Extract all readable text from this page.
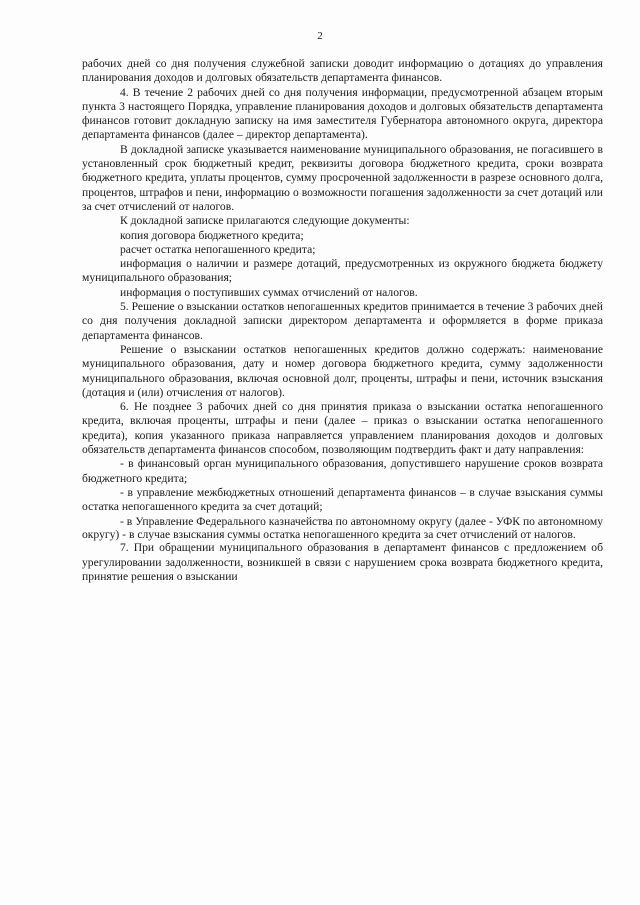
2

рабочих дней со дня получения служебной записки доводит информацию о дотациях до управления планирования доходов и долговых обязательств департамента финансов.

4. В течение 2 рабочих дней со дня получения информации, предусмотренной абзацем вторым пункта 3 настоящего Порядка, управление планирования доходов и долговых обязательств департамента финансов готовит докладную записку на имя заместителя Губернатора автономного округа, директора департамента финансов (далее – директор департамента).

В докладной записке указывается наименование муниципального образования, не погасившего в установленный срок бюджетный кредит, реквизиты договора бюджетного кредита, сроки возврата бюджетного кредита, уплаты процентов, сумму просроченной задолженности в разрезе основного долга, процентов, штрафов и пени, информацию о возможности погашения задолженности за счет дотаций или за счет отчислений от налогов.

К докладной записке прилагаются следующие документы:

копия договора бюджетного кредита;

расчет остатка непогашенного кредита;

информация о наличии и размере дотаций, предусмотренных из окружного бюджета бюджету муниципального образования;

информация о поступивших суммах отчислений от налогов.

5. Решение о взыскании остатков непогашенных кредитов принимается в течение 3 рабочих дней со дня получения докладной записки директором департамента и оформляется в форме приказа департамента финансов.

Решение о взыскании остатков непогашенных кредитов должно содержать: наименование муниципального образования, дату и номер договора бюджетного кредита, сумму задолженности муниципального образования, включая основной долг, проценты, штрафы и пени, источник взыскания (дотация и (или) отчисления от налогов).

6. Не позднее 3 рабочих дней со дня принятия приказа о взыскании остатка непогашенного кредита, включая проценты, штрафы и пени (далее – приказ о взыскании остатка непогашенного кредита), копия указанного приказа направляется управлением планирования доходов и долговых обязательств департамента финансов способом, позволяющим подтвердить факт и дату направления:

- в финансовый орган муниципального образования, допустившего нарушение сроков возврата бюджетного кредита;

- в управление межбюджетных отношений департамента финансов – в случае взыскания суммы остатка непогашенного кредита за счет дотаций;

- в Управление Федерального казначейства по автономному округу (далее - УФК по автономному округу) - в случае взыскания суммы остатка непогашенного кредита за счет отчислений от налогов.

7. При обращении муниципального образования в департамент финансов с предложением об урегулировании задолженности, возникшей в связи с нарушением срока возврата бюджетного кредита, принятие решения о взыскании
